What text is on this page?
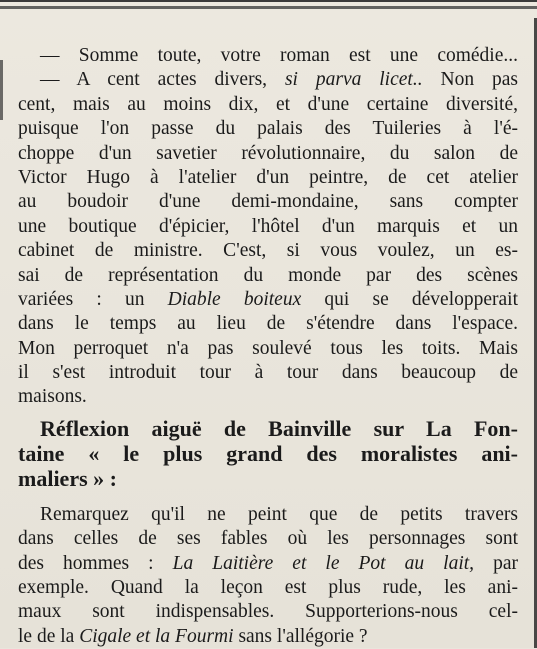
— Somme toute, votre roman est une comédie...
— A cent actes divers, si parva licet.. Non pas
cent, mais au moins dix, et d'une certaine diversité,
puisque l'on passe du palais des Tuileries à l'é-
choppe d'un savetier révolutionnaire, du salon de
Victor Hugo à l'atelier d'un peintre, de cet atelier
au boudoir d'une demi-mondaine, sans compter
une boutique d'épicier, l'hôtel d'un marquis et un
cabinet de ministre. C'est, si vous voulez, un es-
sai de représentation du monde par des scènes
variées : un Diable boiteux qui se développerait
dans le temps au lieu de s'étendre dans l'espace.
Mon perroquet n'a pas soulevé tous les toits. Mais
il s'est introduit tour à tour dans beaucoup de
maisons.
Réflexion aiguë de Bainville sur La Fon-
taine « le plus grand des moralistes ani-
maliers » :
Remarquez qu'il ne peint que de petits travers
dans celles de ses fables où les personnages sont
des hommes : La Laitière et le Pot au lait, par
exemple. Quand la leçon est plus rude, les ani-
maux sont indispensables. Supporterions-nous cel-
le de la Cigale et la Fourmi sans l'allégorie ?
